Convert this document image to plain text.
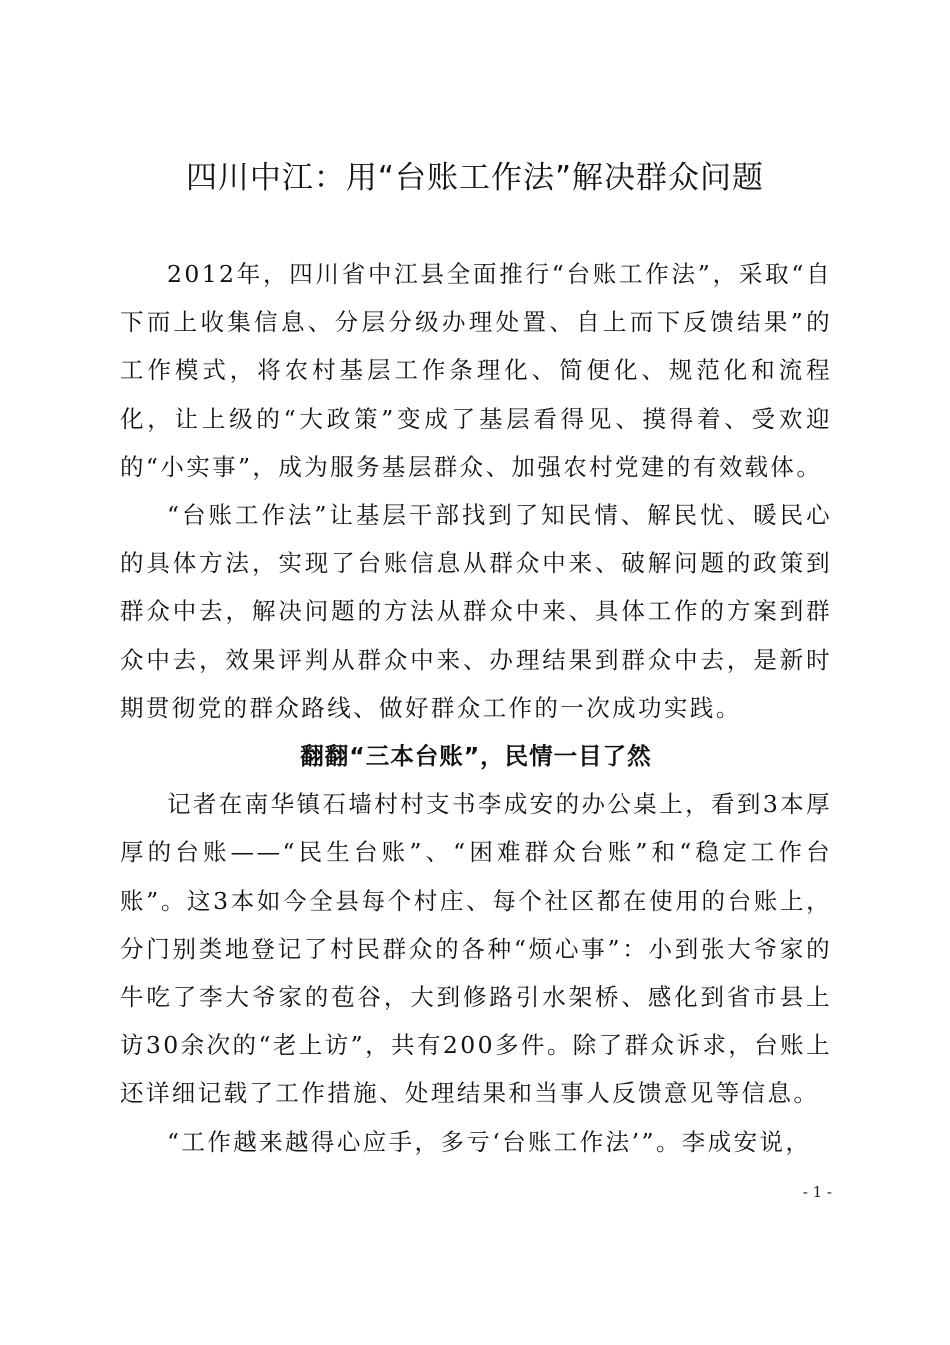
四川中江：用“台账工作法”解决群众问题

2012年，四川省中江县全面推行“台账工作法”，采取“自下而上收集信息、分层分级办理处置、自上而下反馈结果”的工作模式，将农村基层工作条理化、简便化、规范化和流程化，让上级的“大政策”变成了基层看得见、摸得着、受欢迎的“小实事”，成为服务基层群众、加强农村党建的有效载体。

“台账工作法”让基层干部找到了知民情、解民忧、暖民心的具体方法，实现了台账信息从群众中来、破解问题的政策到群众中去，解决问题的方法从群众中来、具体工作的方案到群众中去，效果评判从群众中来、办理结果到群众中去，是新时期贯彻党的群众路线、做好群众工作的一次成功实践。

翻翻“三本台账”，民情一目了然

记者在南华镇石墙村村支书李成安的办公桌上，看到3本厚厚的台账——“民生台账”、“困难群众台账”和“稳定工作台账”。这3本如今全县每个村庄、每个社区都在使用的台账上，分门别类地登记了村民群众的各种“烦心事”：小到张大爷家的牛吃了李大爷家的苞谷，大到修路引水架桥、感化到省市县上访30余次的“老上访”，共有200多件。除了群众诉求，台账上还详细记载了工作措施、处理结果和当事人反馈意见等信息。

“工作越来越得心应手，多亏‘台账工作法’”。李成安说，

- 1 -
